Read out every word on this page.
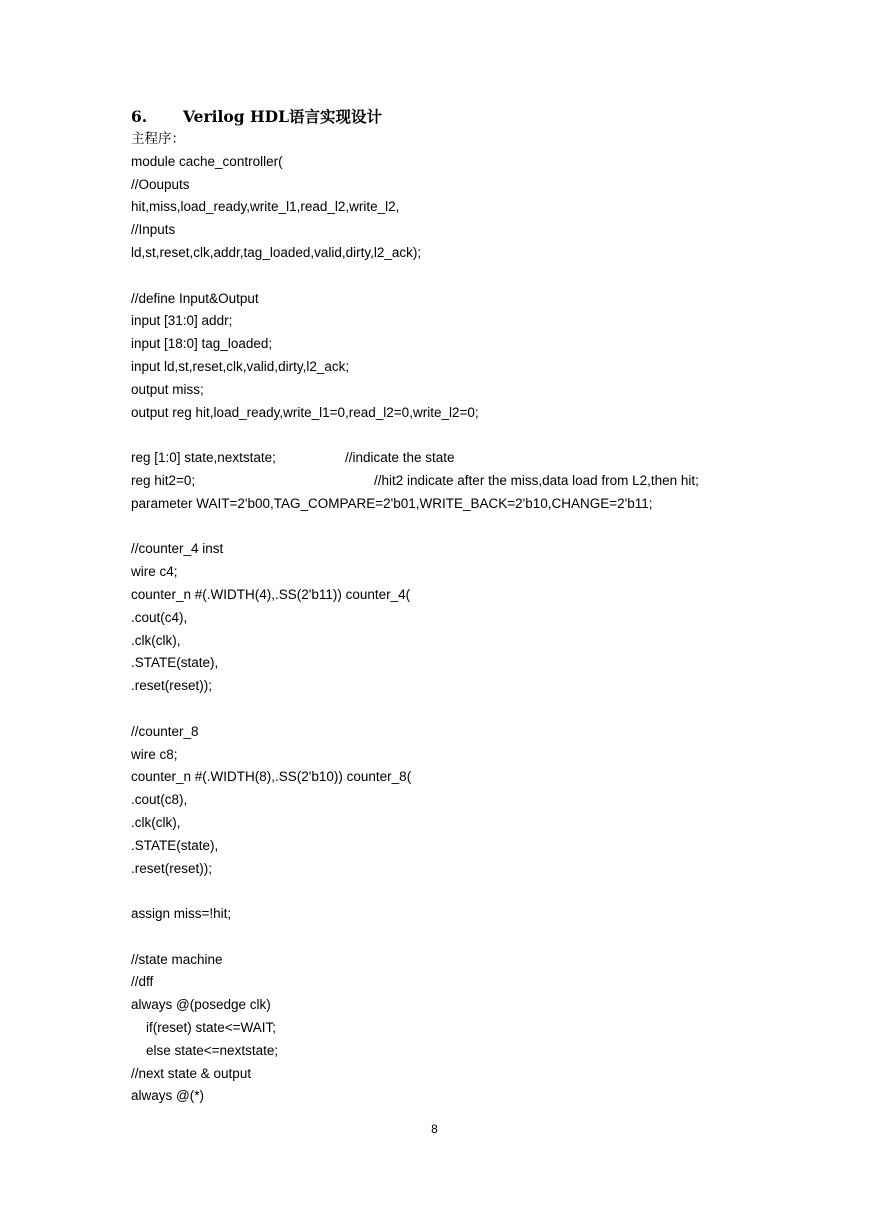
6. Verilog HDL语言实现设计
主程序：
module cache_controller(
//Oouputs
hit,miss,load_ready,write_l1,read_l2,write_l2,
//Inputs
ld,st,reset,clk,addr,tag_loaded,valid,dirty,l2_ack);
//define Input&Output
input [31:0] addr;
input [18:0] tag_loaded;
input ld,st,reset,clk,valid,dirty,l2_ack;
output miss;
output reg hit,load_ready,write_l1=0,read_l2=0,write_l2=0;
reg [1:0] state,nextstate;	//indicate the state
reg hit2=0;	//hit2 indicate after the miss,data load from L2,then hit;
parameter WAIT=2'b00,TAG_COMPARE=2'b01,WRITE_BACK=2'b10,CHANGE=2'b11;
//counter_4 inst
wire c4;
counter_n #(.WIDTH(4),.SS(2'b11)) counter_4(
.cout(c4),
.clk(clk),
.STATE(state),
.reset(reset));
//counter_8
wire c8;
counter_n #(.WIDTH(8),.SS(2'b10)) counter_8(
.cout(c8),
.clk(clk),
.STATE(state),
.reset(reset));
assign miss=!hit;
//state machine
//dff
always @(posedge clk)
if(reset) state<=WAIT;
else state<=nextstate;
//next state & output
always @(*)
8
